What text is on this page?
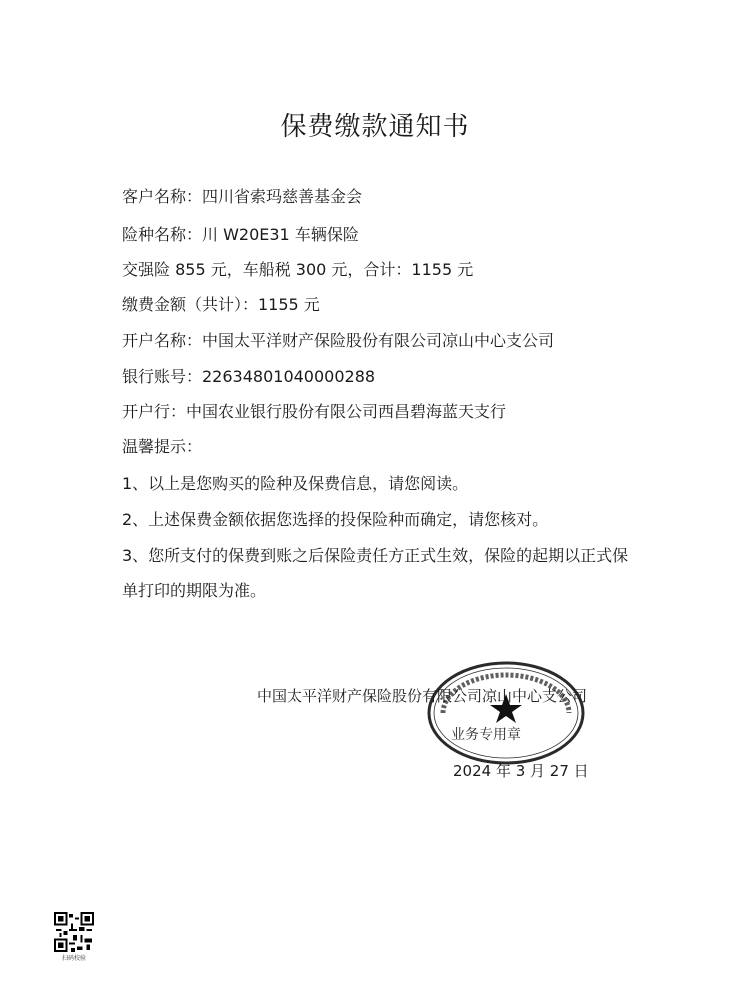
保费缴款通知书
客户名称：四川省索玛慈善基金会
险种名称：川 W20E31 车辆保险
交强险 855 元，车船税 300 元，合计：1155 元
缴费金额（共计）：1155 元
开户名称：中国太平洋财产保险股份有限公司凉山中心支公司
银行账号：22634801040000288
开户行：中国农业银行股份有限公司西昌碧海蓝天支行
温馨提示：
1、以上是您购买的险种及保费信息，请您阅读。
2、上述保费金额依据您选择的投保险种而确定，请您核对。
3、您所支付的保费到账之后保险责任方正式生效，保险的起期以正式保单打印的期限为准。
业务专用章
中国太平洋财产保险股份有限公司凉山中心支公司
2024 年 3 月 27 日
扫码校验
